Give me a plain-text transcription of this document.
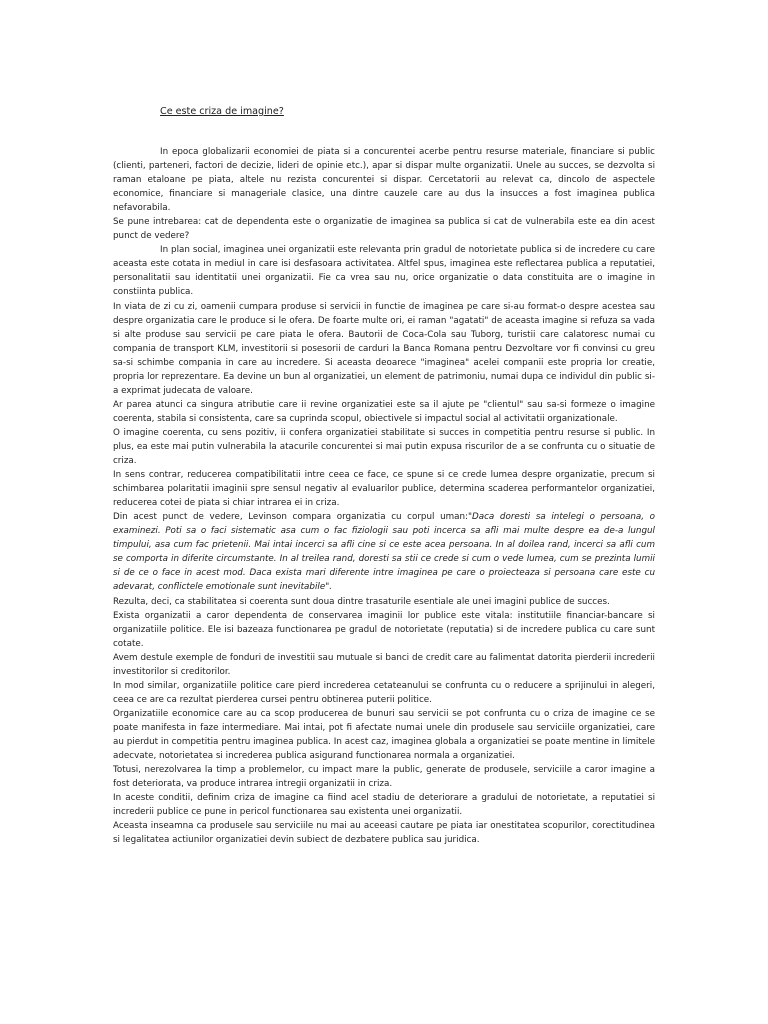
Ce este criza de imagine?

In epoca globalizarii economiei de piata si a concurentei acerbe pentru resurse materiale, financiare si public (clienti, parteneri, factori de decizie, lideri de opinie etc.), apar si dispar multe organizatii. Unele au succes, se dezvolta si raman etaloane pe piata, altele nu rezista concurentei si dispar. Cercetatorii au relevat ca, dincolo de aspectele economice, financiare si manageriale clasice, una dintre cauzele care au dus la insucces a fost imaginea publica nefavorabila.

Se pune intrebarea: cat de dependenta este o organizatie de imaginea sa publica si cat de vulnerabila este ea din acest punct de vedere?

In plan social, imaginea unei organizatii este relevanta prin gradul de notorietate publica si de incredere cu care aceasta este cotata in mediul in care isi desfasoara activitatea. Altfel spus, imaginea este reflectarea publica a reputatiei, personalitatii sau identitatii unei organizatii. Fie ca vrea sau nu, orice organizatie o data constituita are o imagine in constiinta publica.

In viata de zi cu zi, oamenii cumpara produse si servicii in functie de imaginea pe care si-au format-o despre acestea sau despre organizatia care le produce si le ofera. De foarte multe ori, ei raman "agatati" de aceasta imagine si refuza sa vada si alte produse sau servicii pe care piata le ofera. Bautorii de Coca-Cola sau Tuborg, turistii care calatoresc numai cu compania de transport KLM, investitorii si posesorii de carduri la Banca Romana pentru Dezvoltare vor fi convinsi cu greu sa-si schimbe compania in care au incredere. Si aceasta deoarece "imaginea" acelei companii este propria lor creatie, propria lor reprezentare. Ea devine un bun al organizatiei, un element de patrimoniu, numai dupa ce individul din public si-a exprimat judecata de valoare.

Ar parea atunci ca singura atributie care ii revine organizatiei este sa il ajute pe "clientul" sau sa-si formeze o imagine coerenta, stabila si consistenta, care sa cuprinda scopul, obiectivele si impactul social al activitatii organizationale.

O imagine coerenta, cu sens pozitiv, ii confera organizatiei stabilitate si succes in competitia pentru resurse si public. In plus, ea este mai putin vulnerabila la atacurile concurentei si mai putin expusa riscurilor de a se confrunta cu o situatie de criza.

In sens contrar, reducerea compatibilitatii intre ceea ce face, ce spune si ce crede lumea despre organizatie, precum si schimbarea polaritatii imaginii spre sensul negativ al evaluarilor publice, determina scaderea performantelor organizatiei, reducerea cotei de piata si chiar intrarea ei in criza.

Din acest punct de vedere, Levinson compara organizatia cu corpul uman:"Daca doresti sa intelegi o persoana, o examinezi. Poti sa o faci sistematic asa cum o fac fiziologii sau poti incerca sa afli mai multe despre ea de-a lungul timpului, asa cum fac prietenii. Mai intai incerci sa afli cine si ce este acea persoana. In al doilea rand, incerci sa afli cum se comporta in diferite circumstante. In al treilea rand, doresti sa stii ce crede si cum o vede lumea, cum se prezinta lumii si de ce o face in acest mod. Daca exista mari diferente intre imaginea pe care o proiecteaza si persoana care este cu adevarat, conflictele emotionale sunt inevitabile".

Rezulta, deci, ca stabilitatea si coerenta sunt doua dintre trasaturile esentiale ale unei imagini publice de succes.

Exista organizatii a caror dependenta de conservarea imaginii lor publice este vitala: institutiile financiar-bancare si organizatiile politice. Ele isi bazeaza functionarea pe gradul de notorietate (reputatia) si de incredere publica cu care sunt cotate.

Avem destule exemple de fonduri de investitii sau mutuale si banci de credit care au falimentat datorita pierderii increderii investitorilor si creditorilor.

In mod similar, organizatiile politice care pierd increderea cetateanului se confrunta cu o reducere a sprijinului in alegeri, ceea ce are ca rezultat pierderea cursei pentru obtinerea puterii politice.

Organizatiile economice care au ca scop producerea de bunuri sau servicii se pot confrunta cu o criza de imagine ce se poate manifesta in faze intermediare. Mai intai, pot fi afectate numai unele din produsele sau serviciile organizatiei, care au pierdut in competitia pentru imaginea publica. In acest caz, imaginea globala a organizatiei se poate mentine in limitele adecvate, notorietatea si increderea publica asigurand functionarea normala a organizatiei.

Totusi, nerezolvarea la timp a problemelor, cu impact mare la public, generate de produsele, serviciile a caror imagine a fost deteriorata, va produce intrarea intregii organizatii in criza.

In aceste conditii, definim criza de imagine ca fiind acel stadiu de deteriorare a gradului de notorietate, a reputatiei si increderii publice ce pune in pericol functionarea sau existenta unei organizatii.

Aceasta inseamna ca produsele sau serviciile nu mai au aceeasi cautare pe piata iar onestitatea scopurilor, corectitudinea si legalitatea actiunilor organizatiei devin subiect de dezbatere publica sau juridica.
